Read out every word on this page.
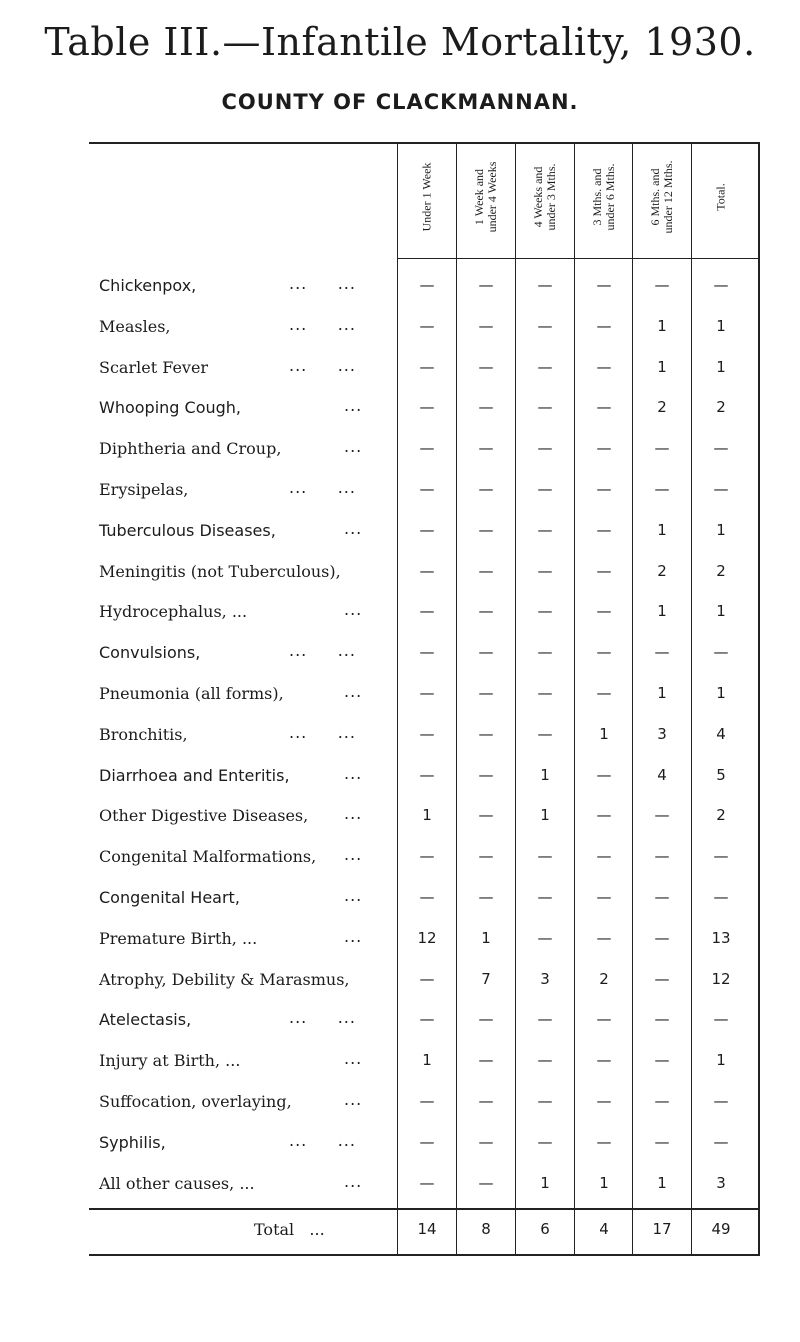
Table III.—Infantile Mortality, 1930.
COUNTY OF CLACKMANNAN.
Under 1 Week	1 Week and under 4 Weeks	4 Weeks and under 3 Mths.	3 Mths. and under 6 Mths.	6 Mths. and under 12 Mths.	Total.
Chickenpox,	...     ...	—	—	—	—	—	—
Measles,	...     ...	—	—	—	—	1	1
Scarlet Fever	...     ...	—	—	—	—	1	1
Whooping Cough,	...	—	—	—	—	2	2
Diphtheria and Croup,	...	—	—	—	—	—	—
Erysipelas,	...     ...	—	—	—	—	—	—
Tuberculous Diseases,	...	—	—	—	—	1	1
Meningitis (not Tuberculous),	—	—	—	—	2	2
Hydrocephalus, ...	...	—	—	—	—	1	1
Convulsions,	...     ...	—	—	—	—	—	—
Pneumonia (all forms),	...	—	—	—	—	1	1
Bronchitis,	...     ...	—	—	—	1	3	4
Diarrhoea and Enteritis,	...	—	—	1	—	4	5
Other Digestive Diseases, ...	1	—	1	—	—	2
Congenital Malformations, ...	—	—	—	—	—	—
Congenital Heart,	...	—	—	—	—	—	—
Premature Birth, ...	...	12	1	—	—	—	13
Atrophy, Debility & Marasmus,	—	7	3	2	—	12
Atelectasis,	...     ...	—	—	—	—	—	—
Injury at Birth, ...	...	1	—	—	—	—	1
Suffocation, overlaying,	...	—	—	—	—	—	—
Syphilis,	...     ...	—	—	—	—	—	—
All other causes, ...	...	—	—	1	1	1	3
Total   ...	14	8	6	4	17	49
